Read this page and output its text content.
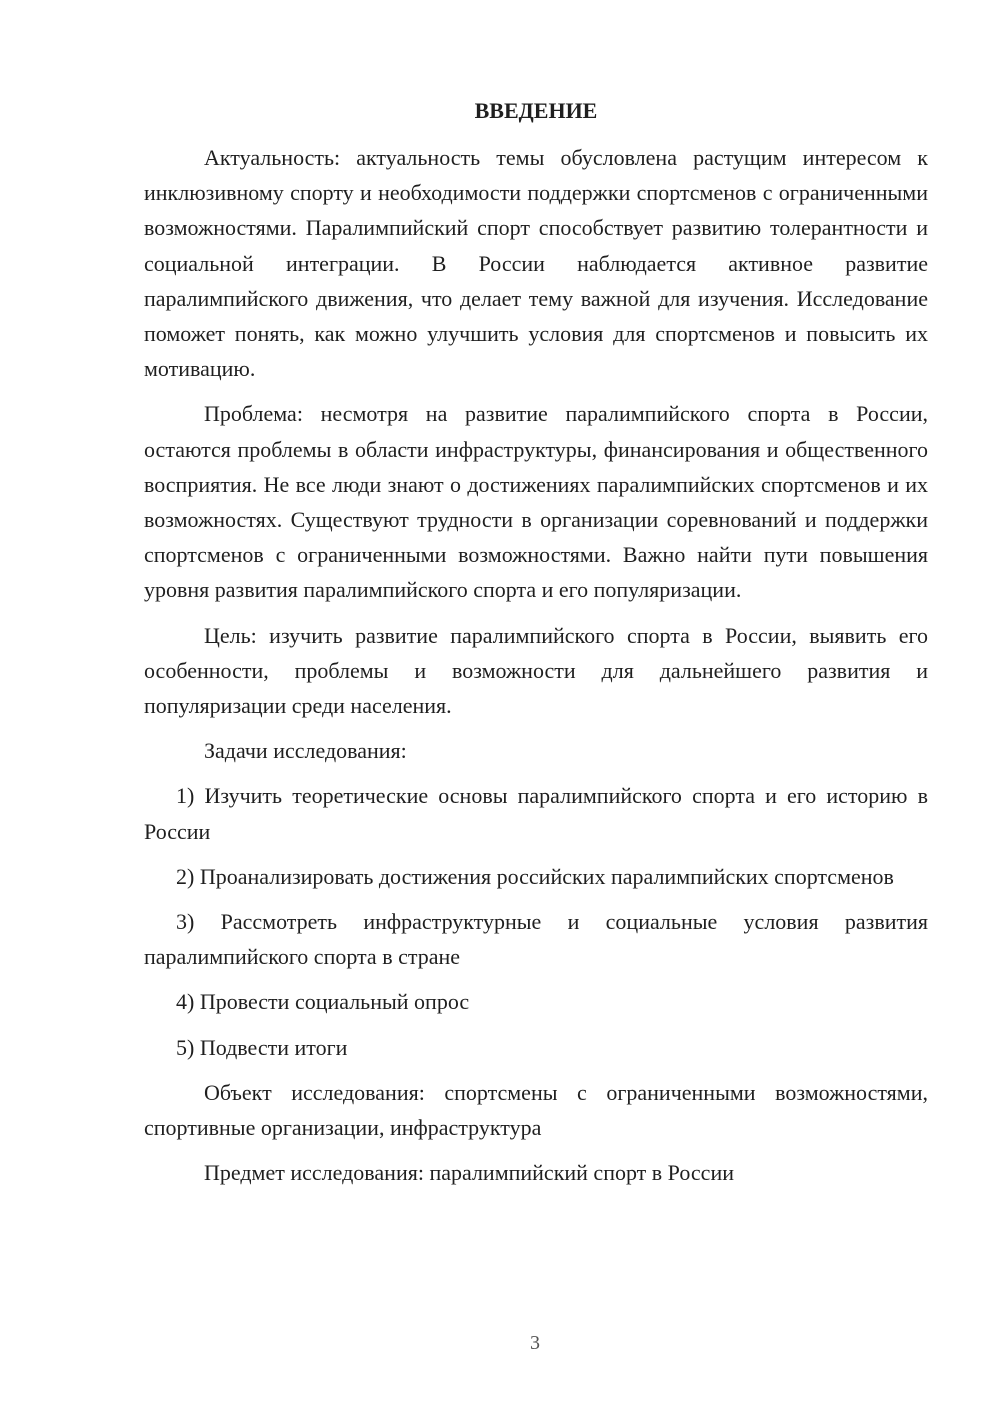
ВВЕДЕНИЕ

Актуальность: актуальность темы обусловлена растущим интересом к инклюзивному спорту и необходимости поддержки спортсменов с ограниченными возможностями. Паралимпийский спорт способствует развитию толерантности и социальной интеграции. В России наблюдается активное развитие паралимпийского движения, что делает тему важной для изучения. Исследование поможет понять, как можно улучшить условия для спортсменов и повысить их мотивацию.

Проблема: несмотря на развитие паралимпийского спорта в России, остаются проблемы в области инфраструктуры, финансирования и общественного восприятия. Не все люди знают о достижениях паралимпийских спортсменов и их возможностях. Существуют трудности в организации соревнований и поддержки спортсменов с ограниченными возможностями. Важно найти пути повышения уровня развития паралимпийского спорта и его популяризации.

Цель: изучить развитие паралимпийского спорта в России, выявить его особенности, проблемы и возможности для дальнейшего развития и популяризации среди населения.

Задачи исследования:

1) Изучить теоретические основы паралимпийского спорта и его историю в России

2) Проанализировать достижения российских паралимпийских спортсменов

3) Рассмотреть инфраструктурные и социальные условия развития паралимпийского спорта в стране

4) Провести социальный опрос

5) Подвести итоги

Объект исследования: спортсмены с ограниченными возможностями, спортивные организации, инфраструктура

Предмет исследования: паралимпийский спорт в России

3
